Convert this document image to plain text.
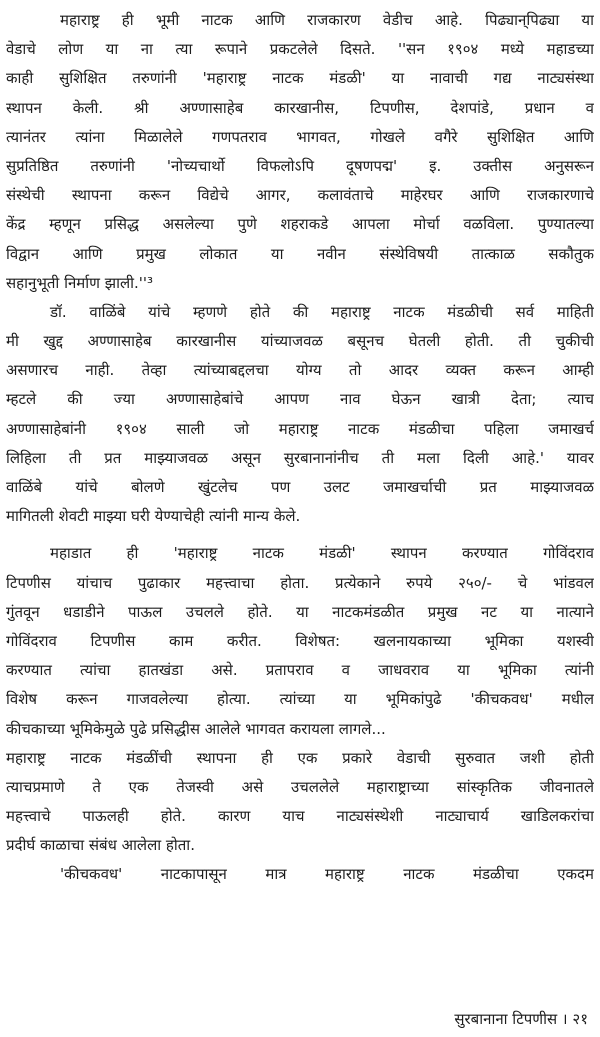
महाराष्ट्र ही भूमी नाटक आणि राजकारण वेडीच आहे. पिढ्यान्‌पिढ्या या
वेडाचे लोण या ना त्या रूपाने प्रकटलेले दिसते. ''सन १९०४ मध्ये महाडच्या
काही सुशिक्षित तरुणांनी 'महाराष्ट्र नाटक मंडळी' या नावाची गद्य नाट्यसंस्था
स्थापन केली. श्री अण्णासाहेब कारखानीस, टिपणीस, देशपांडे, प्रधान व
त्यानंतर त्यांना मिळालेले गणपतराव भागवत, गोखले वगैरे सुशिक्षित आणि
सुप्रतिष्ठित तरुणांनी 'नोच्यचार्थो विफलोऽपि दूषणपद्म' इ. उक्तीस अनुसरून
संस्थेची स्थापना करून विद्येचे आगर, कलावंताचे माहेरघर आणि राजकारणाचे
केंद्र म्हणून प्रसिद्ध असलेल्या पुणे शहराकडे आपला मोर्चा वळविला. पुण्यातल्या
विद्वान आणि प्रमुख लोकात या नवीन संस्थेविषयी तात्काळ सकौतुक
सहानुभूती निर्माण झाली.''³
डॉ. वाळिंबे यांचे म्हणणे होते की महाराष्ट्र नाटक मंडळीची सर्व माहिती
मी खुद्द अण्णासाहेब कारखानीस यांच्याजवळ बसूनच घेतली होती. ती चुकीची
असणारच नाही. तेव्हा त्यांच्याबद्दलचा योग्य तो आदर व्यक्त करून आम्ही
म्हटले की ज्या अण्णासाहेबांचे आपण नाव घेऊन खात्री देता; त्याच
अण्णासाहेबांनी १९०४ साली जो महाराष्ट्र नाटक मंडळीचा पहिला जमाखर्च
लिहिला ती प्रत माझ्याजवळ असून सुरबानानांनीच ती मला दिली आहे.' यावर
वाळिंबे यांचे बोलणे खुंटलेच पण उलट जमाखर्चाची प्रत माझ्याजवळ
मागितली शेवटी माझ्या घरी येण्याचेही त्यांनी मान्य केले.
महाडात ही 'महाराष्ट्र नाटक मंडळी' स्थापन करण्यात गोविंदराव
टिपणीस यांचाच पुढाकार महत्त्वाचा होता. प्रत्येकाने रुपये २५०/- चे भांडवल
गुंतवून धडाडीने पाऊल उचलले होते. या नाटकमंडळीत प्रमुख नट या नात्याने
गोविंदराव टिपणीस काम करीत. विशेषत: खलनायकाच्या भूमिका यशस्वी
करण्यात त्यांचा हातखंडा असे. प्रतापराव व जाधवराव या भूमिका त्यांनी
विशेष करून गाजवलेल्या होत्या. त्यांच्या या भूमिकांपुढे 'कीचकवध' मधील
कीचकाच्या भूमिकेमुळे पुढे प्रसिद्धीस आलेले भागवत करायला लागले...
महाराष्ट्र नाटक मंडळींची स्थापना ही एक प्रकारे वेडाची सुरुवात जशी होती
त्याचप्रमाणे ते एक तेजस्वी असे उचललेले महाराष्ट्राच्या सांस्कृतिक जीवनातले
महत्त्वाचे पाऊलही होते. कारण याच नाट्यसंस्थेशी नाट्याचार्य खाडिलकरांचा
प्रदीर्घ काळाचा संबंध आलेला होता.
'कीचकवध' नाटकापासून मात्र महाराष्ट्र नाटक मंडळीचा एकदम
सुरबानाना टिपणीस । २१
